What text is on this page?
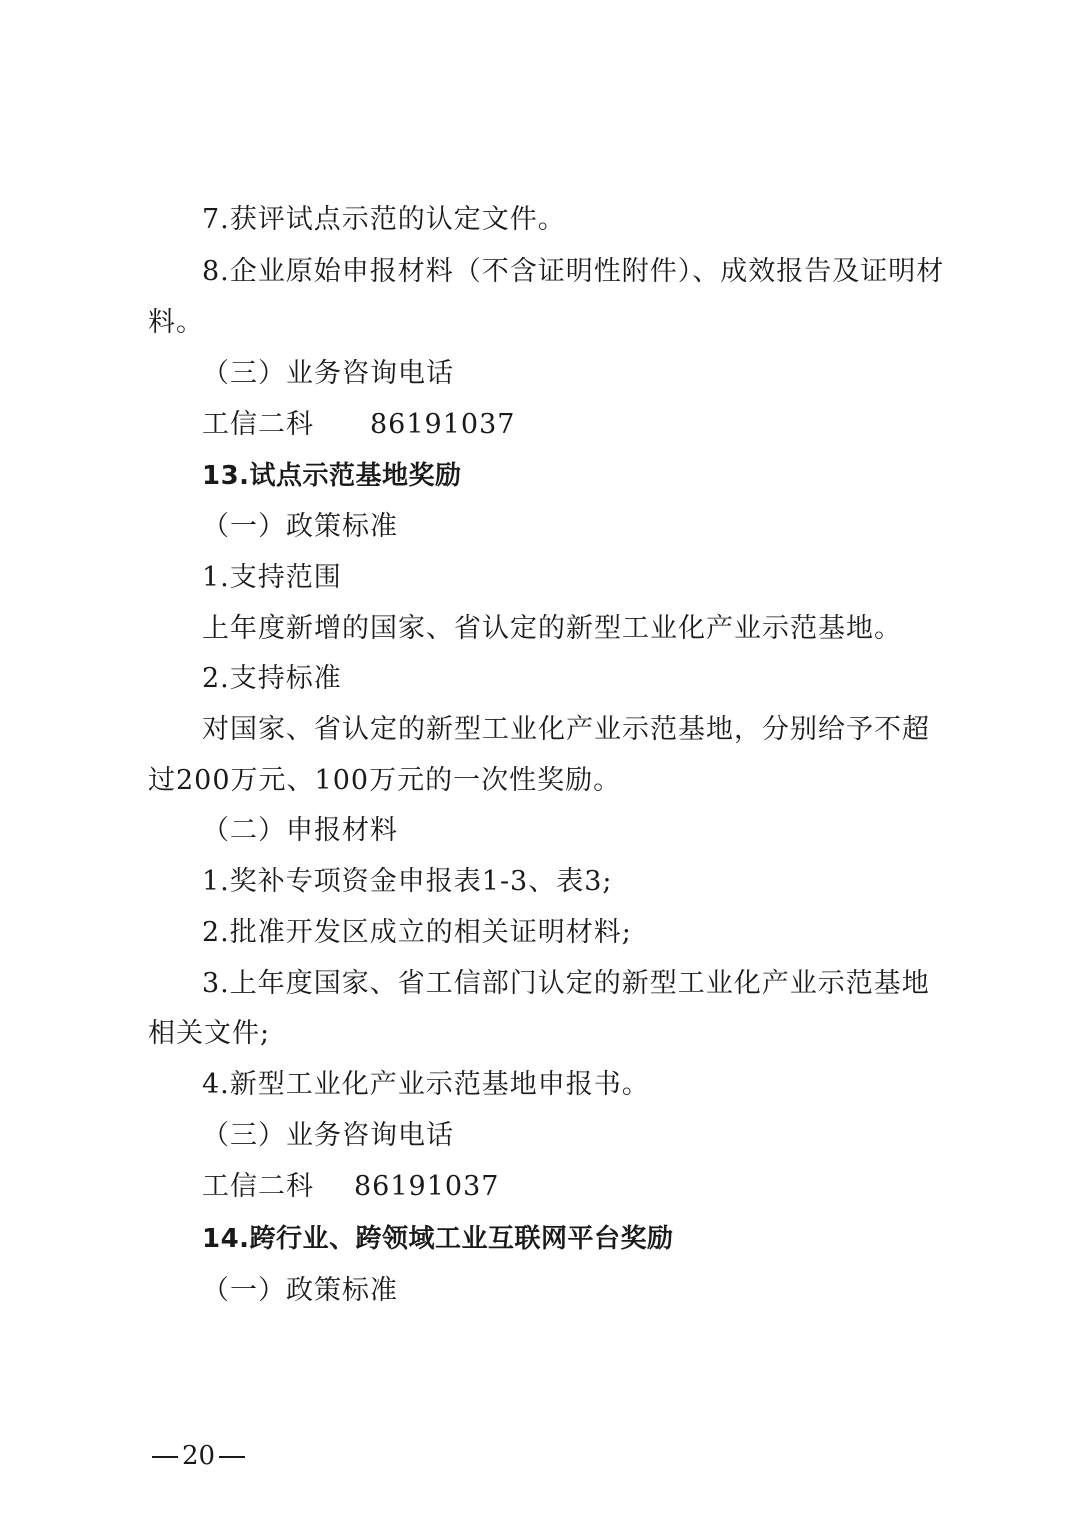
7.获评试点示范的认定文件。
8.企业原始申报材料（不含证明性附件）、成效报告及证明材
料。
（三）业务咨询电话
工信二科 86191037
13.试点示范基地奖励
（一）政策标准
1.支持范围
上年度新增的国家、省认定的新型工业化产业示范基地。
2.支持标准
对国家、省认定的新型工业化产业示范基地，分别给予不超
过200万元、100万元的一次性奖励。
（二）申报材料
1.奖补专项资金申报表1-3、表3;
2.批准开发区成立的相关证明材料;
3.上年度国家、省工信部门认定的新型工业化产业示范基地
相关文件;
4.新型工业化产业示范基地申报书。
（三）业务咨询电话
工信二科 86191037
14.跨行业、跨领域工业互联网平台奖励
（一）政策标准
20
